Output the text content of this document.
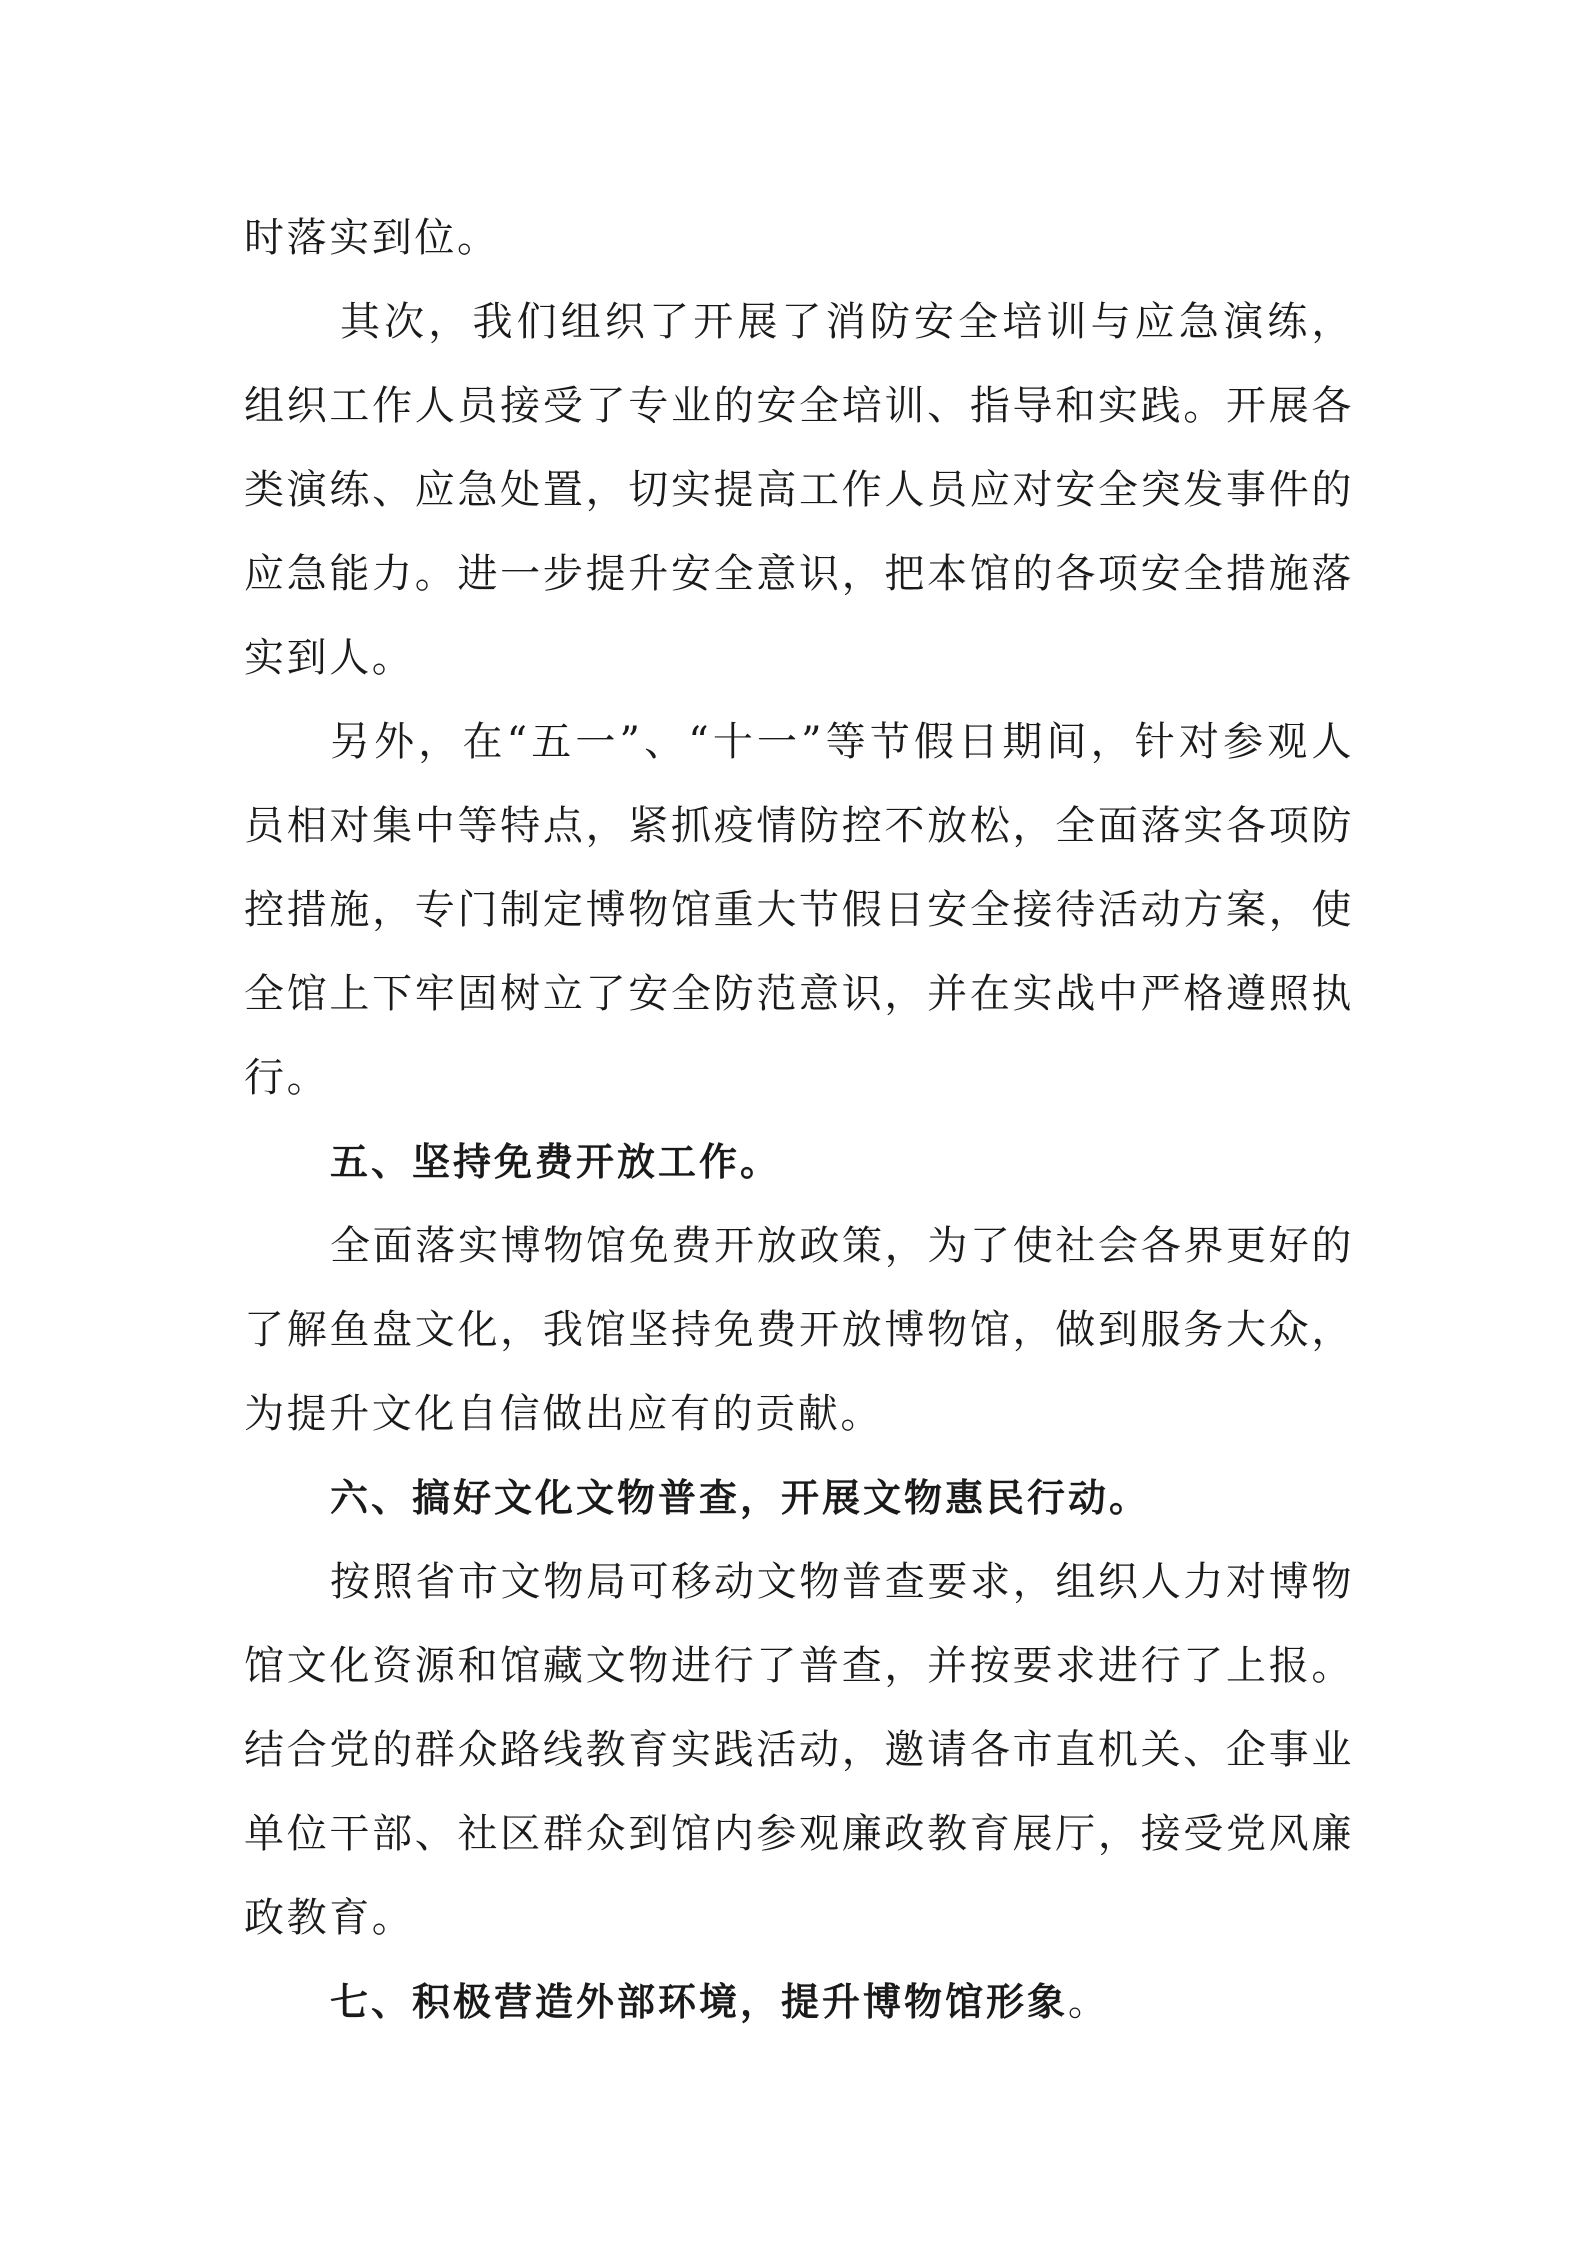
时落实到位。

其次，我们组织了开展了消防安全培训与应急演练，组织工作人员接受了专业的安全培训、指导和实践。开展各类演练、应急处置，切实提高工作人员应对安全突发事件的应急能力。进一步提升安全意识，把本馆的各项安全措施落实到人。

另外，在“五一”、“十一”等节假日期间，针对参观人员相对集中等特点，紧抓疫情防控不放松，全面落实各项防控措施，专门制定博物馆重大节假日安全接待活动方案，使全馆上下牢固树立了安全防范意识，并在实战中严格遵照执行。

五、坚持免费开放工作。

全面落实博物馆免费开放政策，为了使社会各界更好的了解鱼盘文化，我馆坚持免费开放博物馆，做到服务大众，为提升文化自信做出应有的贡献。

六、搞好文化文物普查，开展文物惠民行动。

按照省市文物局可移动文物普查要求，组织人力对博物馆文化资源和馆藏文物进行了普查，并按要求进行了上报。结合党的群众路线教育实践活动，邀请各市直机关、企事业单位干部、社区群众到馆内参观廉政教育展厅，接受党风廉政教育。

七、积极营造外部环境，提升博物馆形象。
